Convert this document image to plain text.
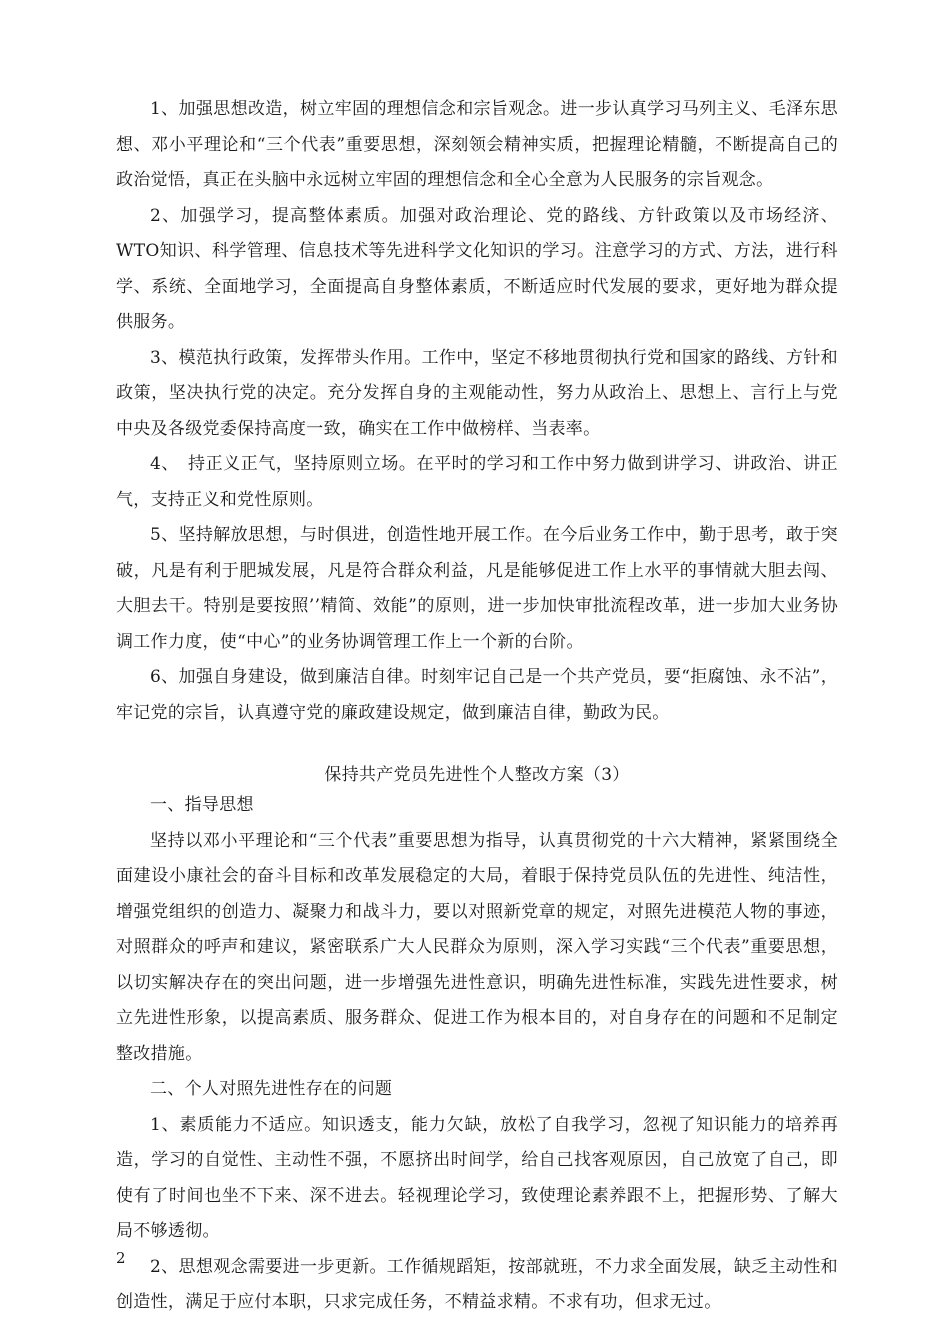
1、加强思想改造，树立牢固的理想信念和宗旨观念。进一步认真学习马列主义、毛泽东思想、邓小平理论和“三个代表”重要思想，深刻领会精神实质，把握理论精髓，不断提高自己的政治觉悟，真正在头脑中永远树立牢固的理想信念和全心全意为人民服务的宗旨观念。

2、加强学习，提高整体素质。加强对政治理论、党的路线、方针政策以及市场经济、WTO知识、科学管理、信息技术等先进科学文化知识的学习。注意学习的方式、方法，进行科学、系统、全面地学习，全面提高自身整体素质，不断适应时代发展的要求，更好地为群众提供服务。

3、模范执行政策，发挥带头作用。工作中，坚定不移地贯彻执行党和国家的路线、方针和政策，坚决执行党的决定。充分发挥自身的主观能动性，努力从政治上、思想上、言行上与党中央及各级党委保持高度一致，确实在工作中做榜样、当表率。

4、　持正义正气，坚持原则立场。在平时的学习和工作中努力做到讲学习、讲政治、讲正气，支持正义和党性原则。

5、坚持解放思想，与时俱进，创造性地开展工作。在今后业务工作中，勤于思考，敢于突破，凡是有利于肥城发展，凡是符合群众利益，凡是能够促进工作上水平的事情就大胆去闯、大胆去干。特别是要按照’’精简、效能”的原则，进一步加快审批流程改革，进一步加大业务协调工作力度，使“中心”的业务协调管理工作上一个新的台阶。

6、加强自身建设，做到廉洁自律。时刻牢记自己是一个共产党员，要“拒腐蚀、永不沾”，牢记党的宗旨，认真遵守党的廉政建设规定，做到廉洁自律，勤政为民。

保持共产党员先进性个人整改方案（3）

一、指导思想

坚持以邓小平理论和“三个代表”重要思想为指导，认真贯彻党的十六大精神，紧紧围绕全面建设小康社会的奋斗目标和改革发展稳定的大局，着眼于保持党员队伍的先进性、纯洁性，增强党组织的创造力、凝聚力和战斗力，要以对照新党章的规定，对照先进模范人物的事迹，对照群众的呼声和建议，紧密联系广大人民群众为原则，深入学习实践“三个代表”重要思想，以切实解决存在的突出问题，进一步增强先进性意识，明确先进性标准，实践先进性要求，树立先进性形象，以提高素质、服务群众、促进工作为根本目的，对自身存在的问题和不足制定整改措施。

二、个人对照先进性存在的问题

1、素质能力不适应。知识透支，能力欠缺，放松了自我学习，忽视了知识能力的培养再造，学习的自觉性、主动性不强，不愿挤出时间学，给自己找客观原因，自己放宽了自己，即使有了时间也坐不下来、深不进去。轻视理论学习，致使理论素养跟不上，把握形势、了解大局不够透彻。

2、思想观念需要进一步更新。工作循规蹈矩，按部就班，不力求全面发展，缺乏主动性和创造性，满足于应付本职，只求完成任务，不精益求精。不求有功，但求无过。

2
